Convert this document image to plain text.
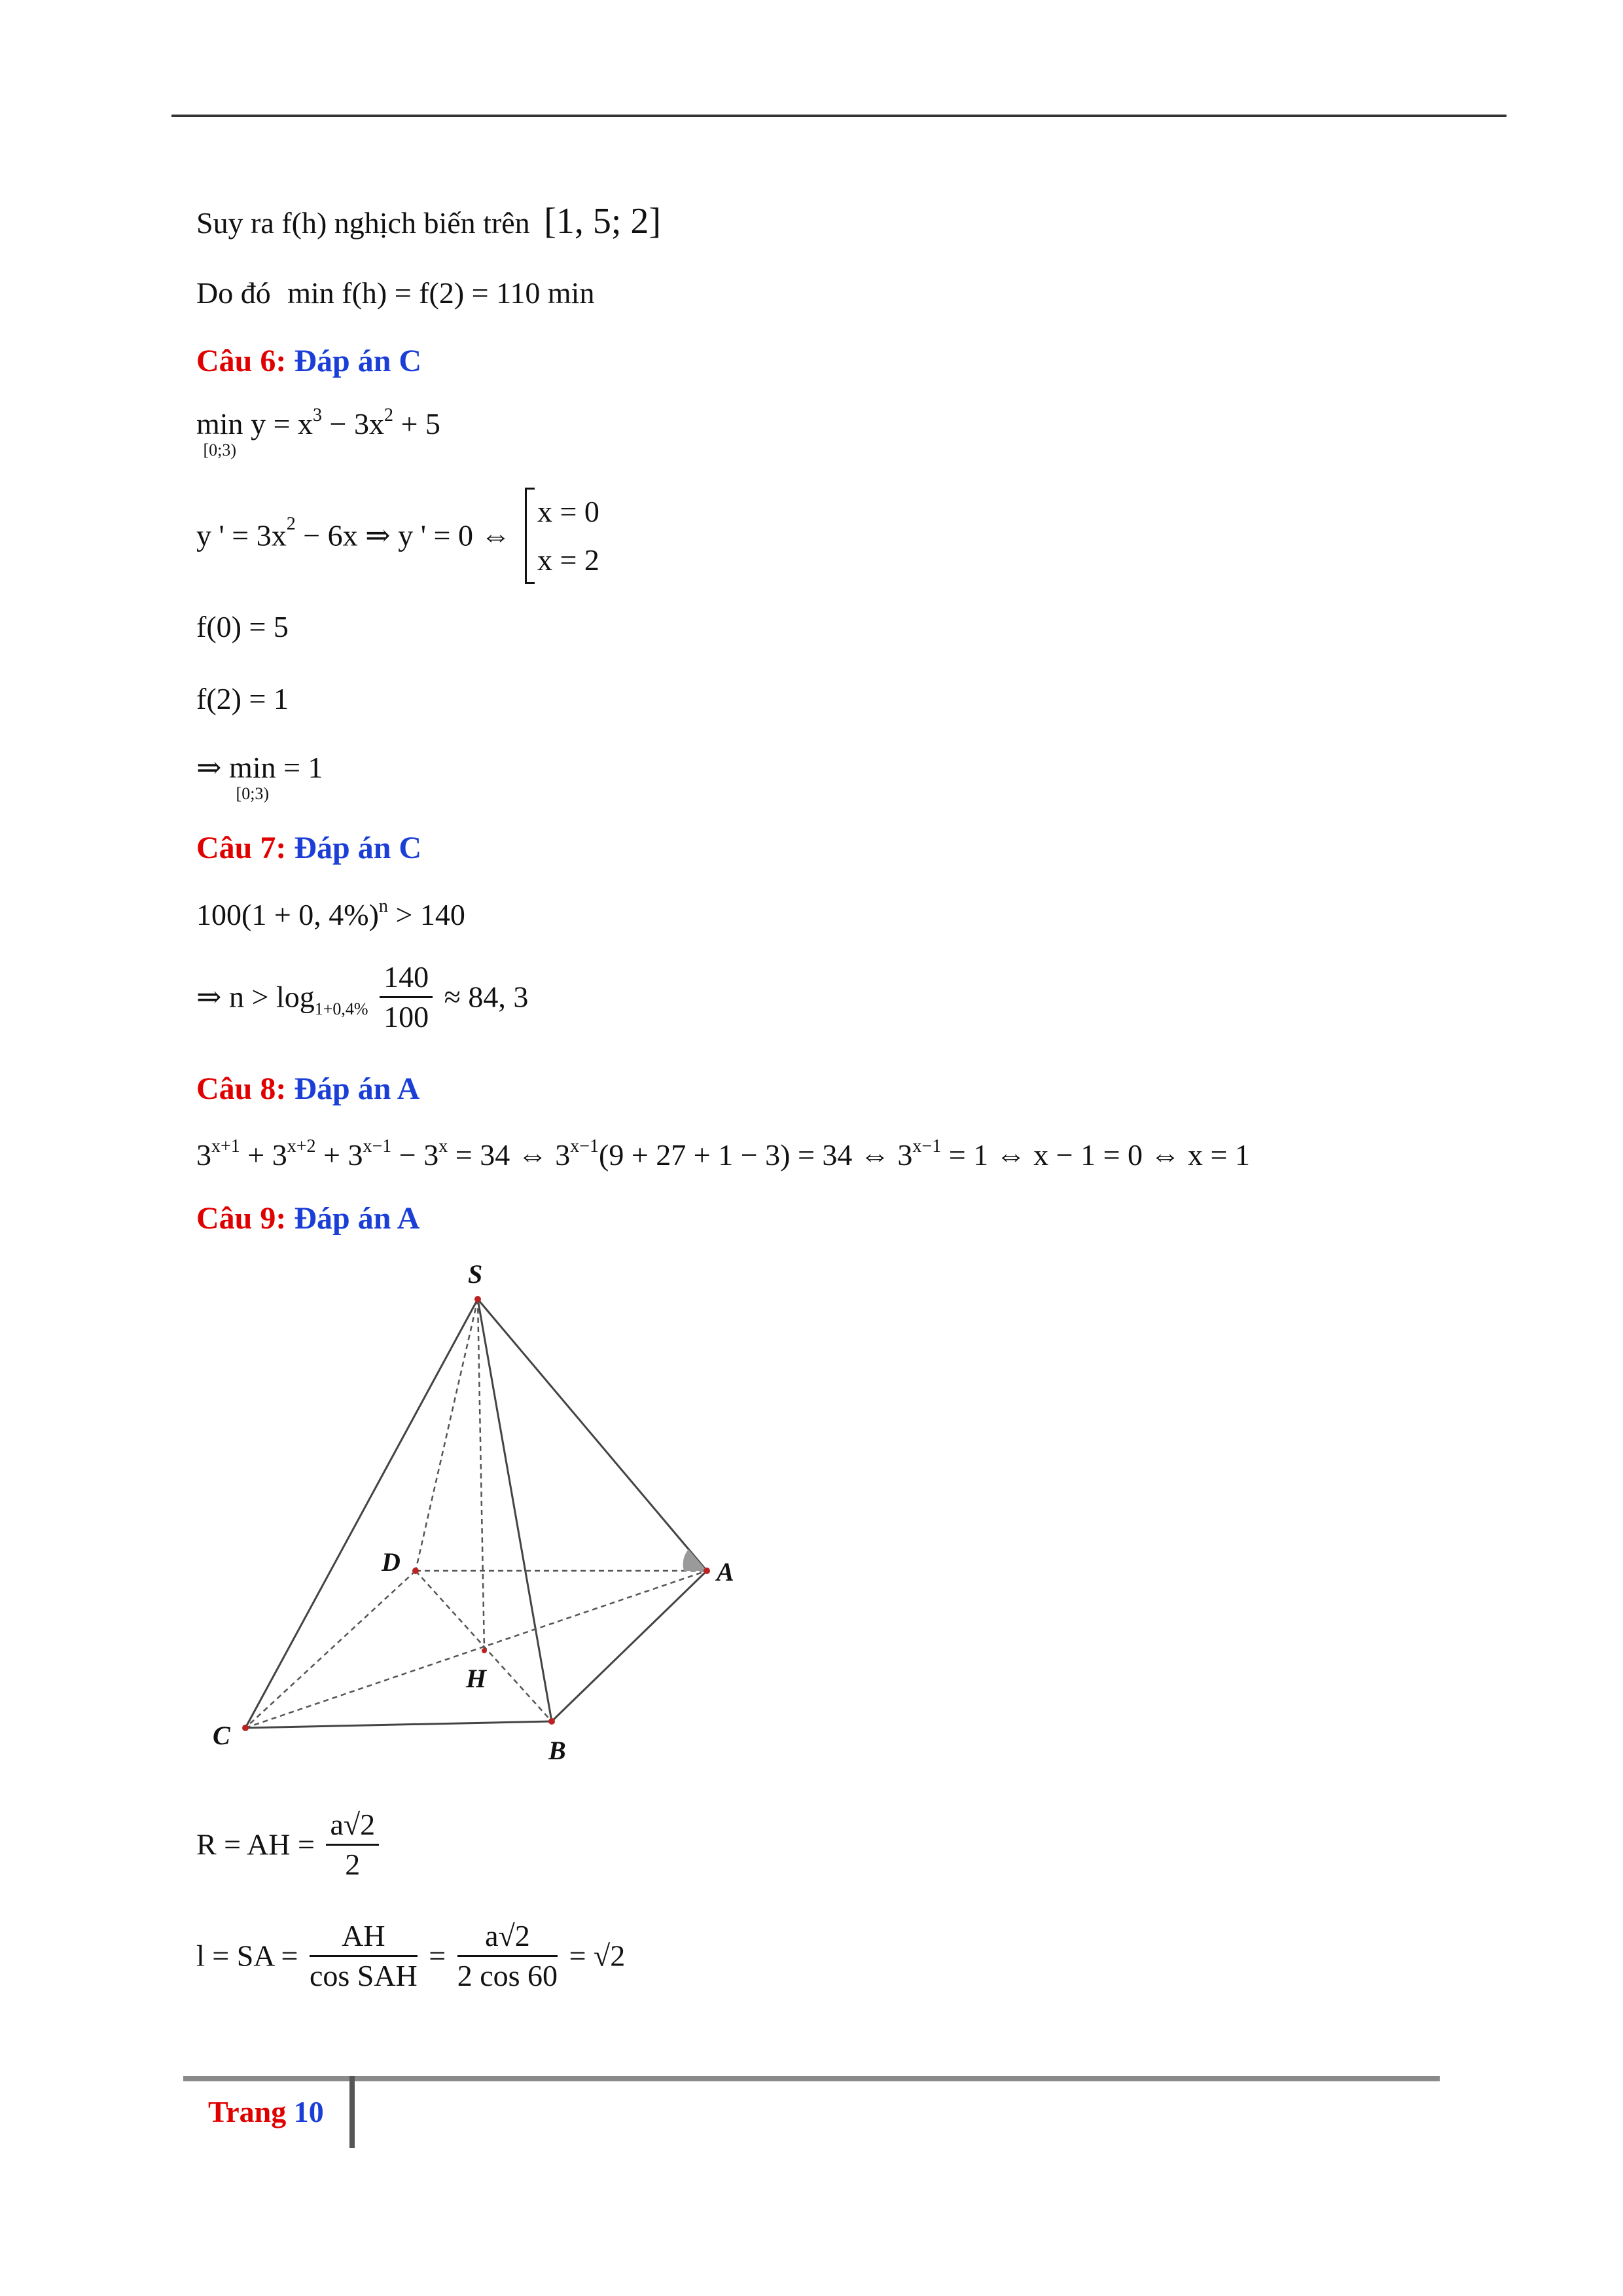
Suy ra f(h) nghịch biến trên [1, 5; 2]
Do đó min f(h) = f(2) = 110 min
Câu 6: Đáp án C
min
[0;3)
$y = x^3 - 3x^2 + 5$
y ' = $3x^2 - 6x$ ⇒ y ' = 0 ⇔
x = 0
x = 2
f(0) = 5
f(2) = 1
⇒ min
[0;3)
= 1
Câu 7: Đáp án C
100(1 + 0, 4%)$^n$ > 140
⇒ $n > \log_{1+0,4\%} \frac{140}{100} \approx 84$, 3
Câu 8: Đáp án A
$3^{x+1} + 3^{x+2} + 3^{x-1} - 3^x = 34$ ⇔ $3^{x-1}(9 + 27 + 1 - 3) = 34$ ⇔ $3^{x-1} = 1$ ⇔ x − 1 = 0 ⇔ x = 1
Câu 9: Đáp án A
S
D	A
C
B
H
R = AH = $\frac{a√2}{2}$
l = SA = $\frac{AH}{\text{cos SAH}} = \frac{a√2}{2 \cos 60} = √2$
Trang 10
